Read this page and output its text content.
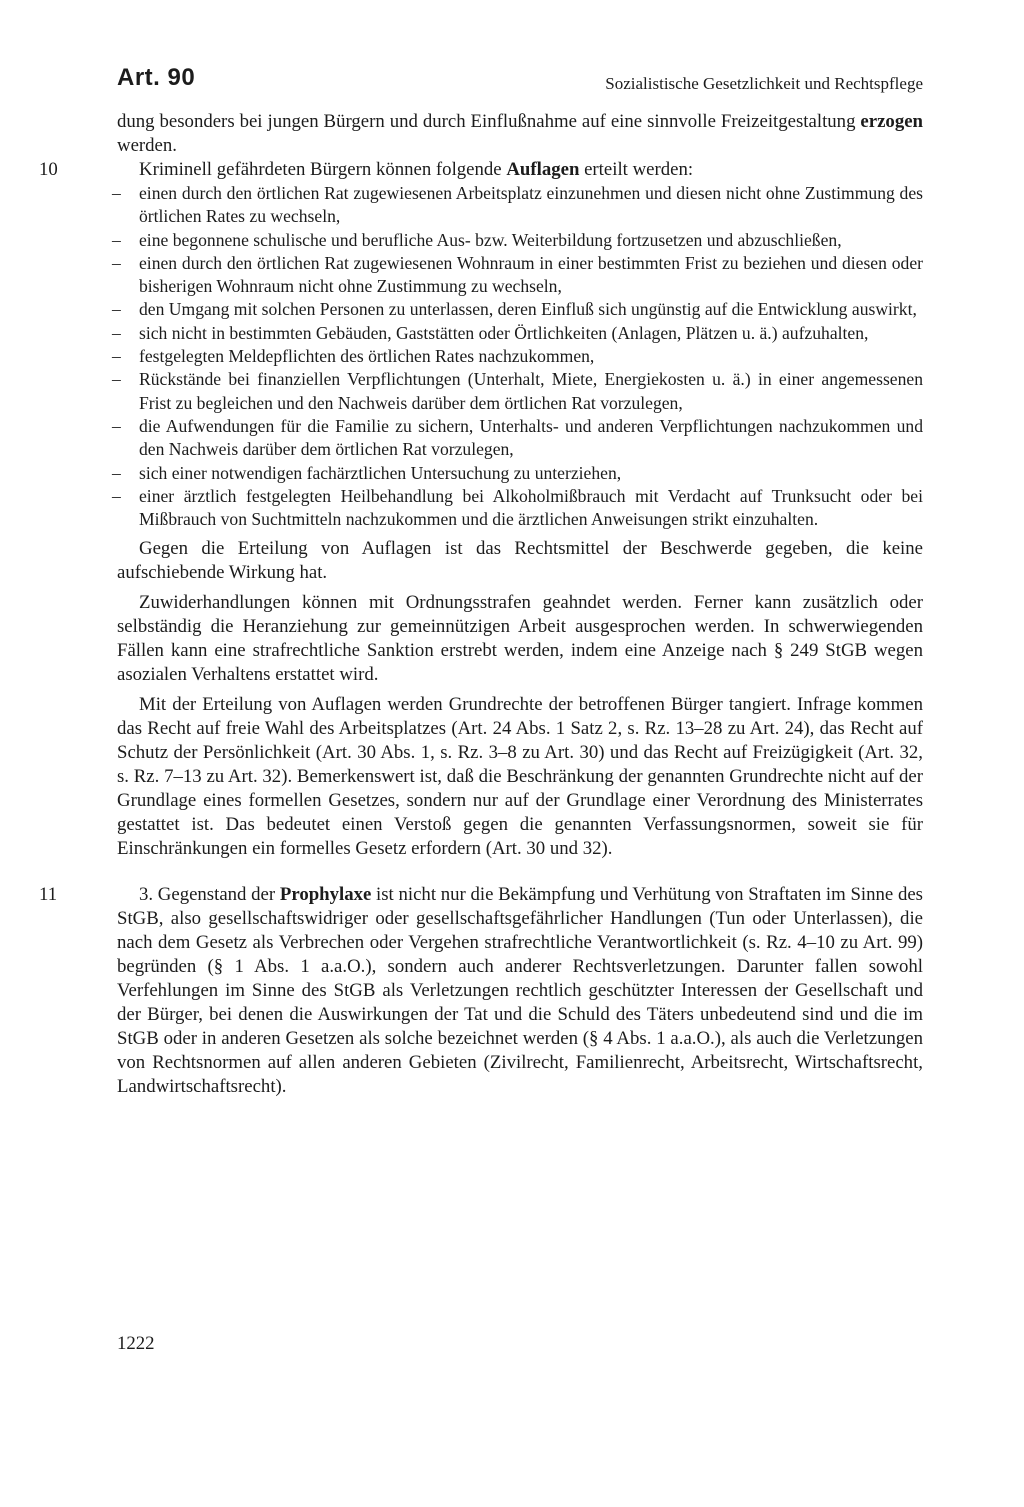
Art. 90	Sozialistische Gesetzlichkeit und Rechtspflege

dung besonders bei jungen Bürgern und durch Einflußnahme auf eine sinnvolle Freizeitgestaltung erzogen werden.

10	Kriminell gefährdeten Bürgern können folgende Auflagen erteilt werden:

– einen durch den örtlichen Rat zugewiesenen Arbeitsplatz einzunehmen und diesen nicht ohne Zustimmung des örtlichen Rates zu wechseln,
– eine begonnene schulische und berufliche Aus- bzw. Weiterbildung fortzusetzen und abzuschließen,
– einen durch den örtlichen Rat zugewiesenen Wohnraum in einer bestimmten Frist zu beziehen und diesen oder bisherigen Wohnraum nicht ohne Zustimmung zu wechseln,
– den Umgang mit solchen Personen zu unterlassen, deren Einfluß sich ungünstig auf die Entwicklung auswirkt,
– sich nicht in bestimmten Gebäuden, Gaststätten oder Örtlichkeiten (Anlagen, Plätzen u. ä.) aufzuhalten,
– festgelegten Meldepflichten des örtlichen Rates nachzukommen,
– Rückstände bei finanziellen Verpflichtungen (Unterhalt, Miete, Energiekosten u. ä.) in einer angemessenen Frist zu begleichen und den Nachweis darüber dem örtlichen Rat vorzulegen,
– die Aufwendungen für die Familie zu sichern, Unterhalts- und anderen Verpflichtungen nachzukommen und den Nachweis darüber dem örtlichen Rat vorzulegen,
– sich einer notwendigen fachärztlichen Untersuchung zu unterziehen,
– einer ärztlich festgelegten Heilbehandlung bei Alkoholmißbrauch mit Verdacht auf Trunksucht oder bei Mißbrauch von Suchtmitteln nachzukommen und die ärztlichen Anweisungen strikt einzuhalten.

Gegen die Erteilung von Auflagen ist das Rechtsmittel der Beschwerde gegeben, die keine aufschiebende Wirkung hat.

Zuwiderhandlungen können mit Ordnungsstrafen geahndet werden. Ferner kann zusätzlich oder selbständig die Heranziehung zur gemeinnützigen Arbeit ausgesprochen werden. In schwerwiegenden Fällen kann eine strafrechtliche Sanktion erstrebt werden, indem eine Anzeige nach § 249 StGB wegen asozialen Verhaltens erstattet wird.

Mit der Erteilung von Auflagen werden Grundrechte der betroffenen Bürger tangiert. Infrage kommen das Recht auf freie Wahl des Arbeitsplatzes (Art. 24 Abs. 1 Satz 2, s. Rz. 13–28 zu Art. 24), das Recht auf Schutz der Persönlichkeit (Art. 30 Abs. 1, s. Rz. 3–8 zu Art. 30) und das Recht auf Freizügigkeit (Art. 32, s. Rz. 7–13 zu Art. 32). Bemerkenswert ist, daß die Beschränkung der genannten Grundrechte nicht auf der Grundlage eines formellen Gesetzes, sondern nur auf der Grundlage einer Verordnung des Ministerrates gestattet ist. Das bedeutet einen Verstoß gegen die genannten Verfassungsnormen, soweit sie für Einschränkungen ein formelles Gesetz erfordern (Art. 30 und 32).

11	3. Gegenstand der Prophylaxe ist nicht nur die Bekämpfung und Verhütung von Straftaten im Sinne des StGB, also gesellschaftswidriger oder gesellschaftsgefährlicher Handlungen (Tun oder Unterlassen), die nach dem Gesetz als Verbrechen oder Vergehen strafrechtliche Verantwortlichkeit (s. Rz. 4–10 zu Art. 99) begründen (§ 1 Abs. 1 a.a.O.), sondern auch anderer Rechtsverletzungen. Darunter fallen sowohl Verfehlungen im Sinne des StGB als Verletzungen rechtlich geschützter Interessen der Gesellschaft und der Bürger, bei denen die Auswirkungen der Tat und die Schuld des Täters unbedeutend sind und die im StGB oder in anderen Gesetzen als solche bezeichnet werden (§ 4 Abs. 1 a.a.O.), als auch die Verletzungen von Rechtsnormen auf allen anderen Gebieten (Zivilrecht, Familienrecht, Arbeitsrecht, Wirtschaftsrecht, Landwirtschaftsrecht).

1222
